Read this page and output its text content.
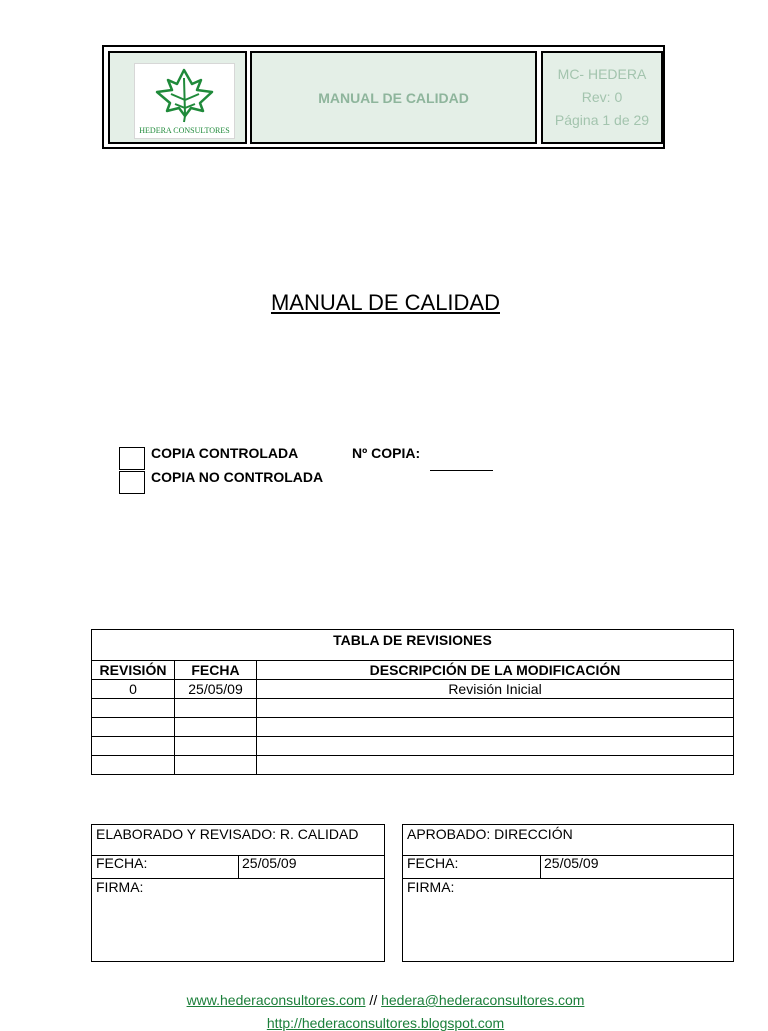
HEDERA CONSULTORES
MANUAL DE CALIDAD
MC- HEDERA
Rev: 0
Página 1 de 29
MANUAL DE CALIDAD
COPIA CONTROLADA
COPIA NO CONTROLADA
Nº COPIA:
TABLA DE REVISIONES		
REVISIÓN	FECHA	DESCRIPCIÓN DE LA MODIFICACIÓN
0	25/05/09	Revisión Inicial

ELABORADO Y REVISADO: R. CALIDAD
FECHA:	25/05/09
FIRMA:
APROBADO: DIRECCIÓN
FECHA:	25/05/09
FIRMA:
www.hederaconsultores.com // hedera@hederaconsultores.com
http://hederaconsultores.blogspot.com
